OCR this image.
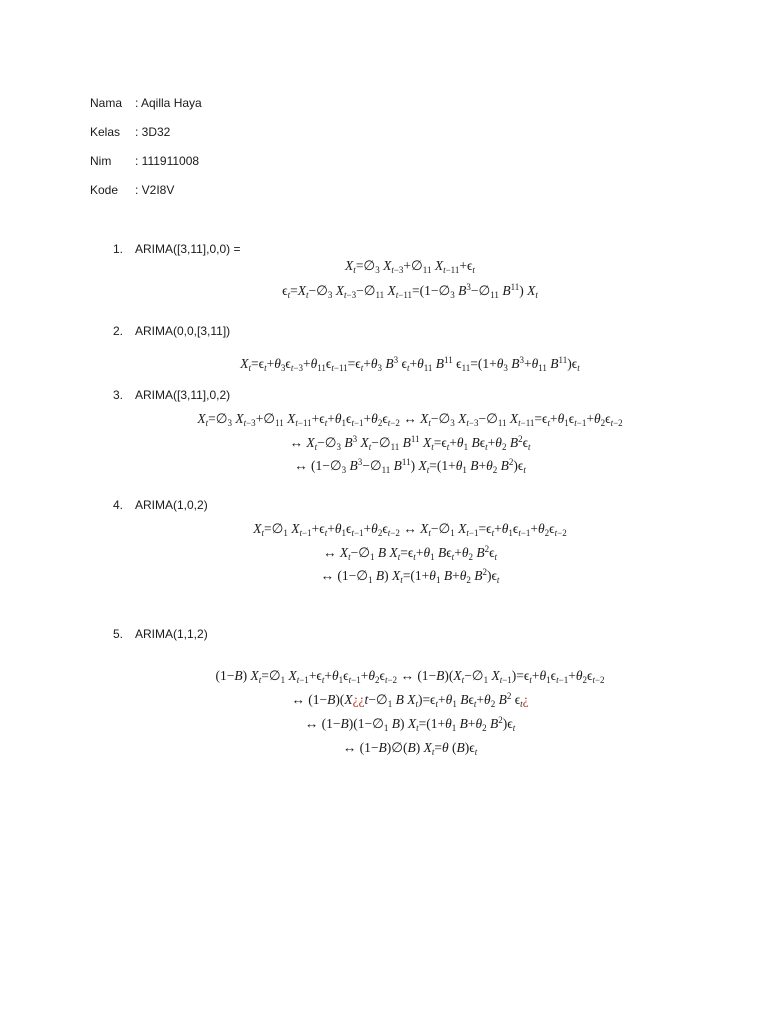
Nama : Aqilla Haya
Kelas : 3D32
Nim : 111911008
Kode : V2I8V
1. ARIMA([3,11],0,0) =
$X_t=\emptyset_3$ $X_{t-3}+\emptyset_{11}$ $X_{t-11}+\epsilon_t$
$\epsilon_t=X_t-\emptyset_3$ $X_{t-3}-\emptyset_{11}$ $X_{t-11}=(1-\emptyset_3$ $B^3-\emptyset_{11}$ $B^{11}$) $X_t$
2. ARIMA(0,0,[3,11])
$X_t=\epsilon_t+\theta_3\epsilon_{t-3}+\theta_{11}\epsilon_{t-11}=\epsilon_t+\theta_3$ $B^3$ $\epsilon_t+\theta_{11}$ $B^{11}$ $\epsilon_{11}=(1+\theta_3$ $B^3+\theta_{11}$ $B^{11})\epsilon_t$
3. ARIMA([3,11],0,2)
$X_t=\emptyset_3$ $X_{t-3}+\emptyset_{11}$ $X_{t-11}+\epsilon_t+\theta_1\epsilon_{t-1}+\theta_2\epsilon_{t-2}$ ↔ $X_t-\emptyset_3$ $X_{t-3}-\emptyset_{11}$ $X_{t-11}=\epsilon_t+\theta_1\epsilon_{t-1}+\theta_2\epsilon_{t-2}$
↔ $X_t-\emptyset_3$ $B^3$ $X_t-\emptyset_{11}$ $B^{11}$ $X_t=\epsilon_t+\theta_1$ $B\epsilon_t+\theta_2$ $B^2\epsilon_t$
↔ ($1-\emptyset_3$ $B^3-\emptyset_{11}$ $B^{11}$) $X_t=(1+\theta_1$ $B+\theta_2$ $B^2)\epsilon_t$
4. ARIMA(1,0,2)
$X_t=\emptyset_1$ $X_{t-1}+\epsilon_t+\theta_1\epsilon_{t-1}+\theta_2\epsilon_{t-2}$ ↔ $X_t-\emptyset_1$ $X_{t-1}=\epsilon_t+\theta_1\epsilon_{t-1}+\theta_2\epsilon_{t-2}$
↔ $X_t-\emptyset_1$ B $X_t=\epsilon_t+\theta_1$ $B\epsilon_t+\theta_2$ $B^2\epsilon_t$
↔ ($1-\emptyset_1$ B) $X_t=(1+\theta_1$ $B+\theta_2$ $B^2)\epsilon_t$
5. ARIMA(1,1,2)
(1−B) $X_t=\emptyset_1$ $X_{t-1}+\epsilon_t+\theta_1\epsilon_{t-1}+\theta_2\epsilon_{t-2}$ ↔ $(1-B)(X_t-\emptyset_1$ $X_{t-1})=\epsilon_t+\theta_1\epsilon_{t-1}+\theta_2\epsilon_{t-2}$
↔ $(1-B)(X¿¿t-\emptyset_1$ B $X_t)=\epsilon_t+\theta_1$ $B\epsilon_t+\theta_2$ $B^2$ $\epsilon_t¿$
↔ $(1-B)(1-\emptyset_1$ B) $X_t=(1+\theta_1$ $B+\theta_2$ $B^2)\epsilon_t$
↔ (1−B)∅(B) $X_t=\theta$ $(B)\epsilon_t$
